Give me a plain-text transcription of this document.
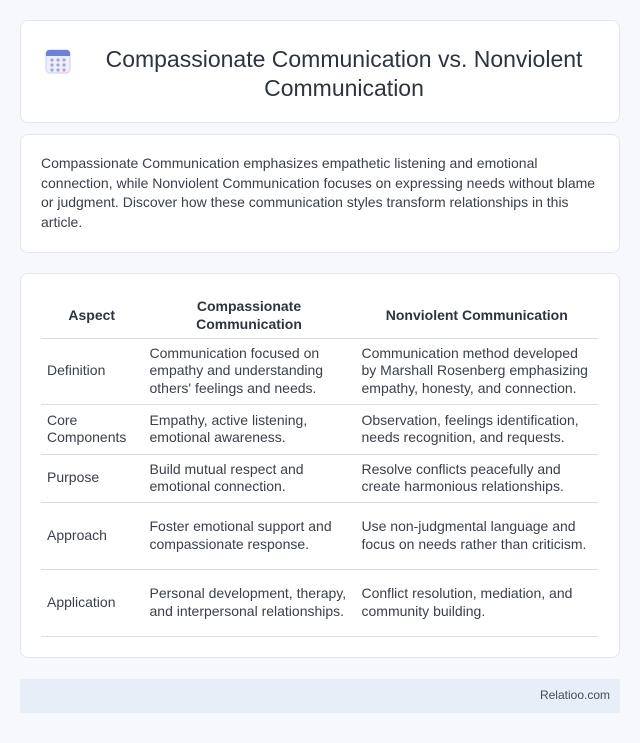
Compassionate Communication vs. Nonviolent Communication

Compassionate Communication emphasizes empathetic listening and emotional connection, while Nonviolent Communication focuses on expressing needs without blame or judgment. Discover how these communication styles transform relationships in this article.

Aspect	Compassionate Communication	Nonviolent Communication
Definition	Communication focused on empathy and understanding others' feelings and needs.	Communication method developed by Marshall Rosenberg emphasizing empathy, honesty, and connection.
Core Components	Empathy, active listening, emotional awareness.	Observation, feelings identification, needs recognition, and requests.
Purpose	Build mutual respect and emotional connection.	Resolve conflicts peacefully and create harmonious relationships.
Approach	Foster emotional support and compassionate response.	Use non-judgmental language and focus on needs rather than criticism.
Application	Personal development, therapy, and interpersonal relationships.	Conflict resolution, mediation, and community building.
Relatioo.com
